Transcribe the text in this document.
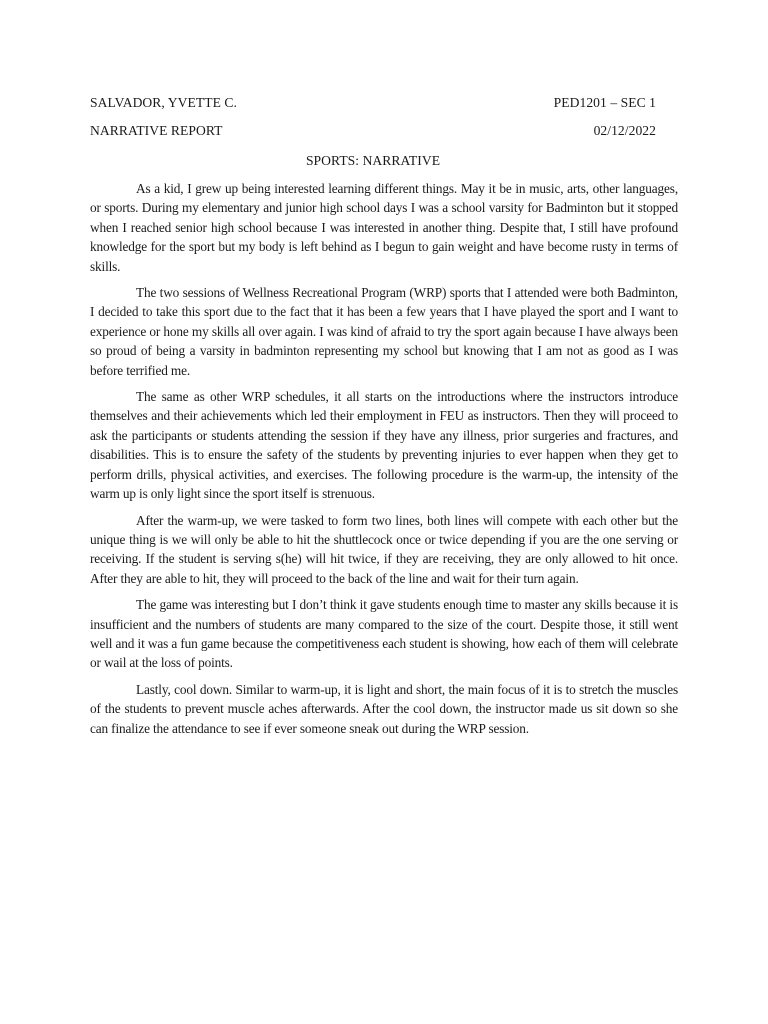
SALVADOR, YVETTE C.	PED1201 – SEC 1
NARRATIVE REPORT	02/12/2022
SPORTS: NARRATIVE

As a kid, I grew up being interested learning different things. May it be in music, arts, other languages, or sports. During my elementary and junior high school days I was a school varsity for Badminton but it stopped when I reached senior high school because I was interested in another thing. Despite that, I still have profound knowledge for the sport but my body is left behind as I begun to gain weight and have become rusty in terms of skills.

The two sessions of Wellness Recreational Program (WRP) sports that I attended were both Badminton, I decided to take this sport due to the fact that it has been a few years that I have played the sport and I want to experience or hone my skills all over again. I was kind of afraid to try the sport again because I have always been so proud of being a varsity in badminton representing my school but knowing that I am not as good as I was before terrified me.

The same as other WRP schedules, it all starts on the introductions where the instructors introduce themselves and their achievements which led their employment in FEU as instructors. Then they will proceed to ask the participants or students attending the session if they have any illness, prior surgeries and fractures, and disabilities. This is to ensure the safety of the students by preventing injuries to ever happen when they get to perform drills, physical activities, and exercises. The following procedure is the warm-up, the intensity of the warm up is only light since the sport itself is strenuous.

After the warm-up, we were tasked to form two lines, both lines will compete with each other but the unique thing is we will only be able to hit the shuttlecock once or twice depending if you are the one serving or receiving. If the student is serving s(he) will hit twice, if they are receiving, they are only allowed to hit once. After they are able to hit, they will proceed to the back of the line and wait for their turn again.

The game was interesting but I don’t think it gave students enough time to master any skills because it is insufficient and the numbers of students are many compared to the size of the court. Despite those, it still went well and it was a fun game because the competitiveness each student is showing, how each of them will celebrate or wail at the loss of points.

Lastly, cool down. Similar to warm-up, it is light and short, the main focus of it is to stretch the muscles of the students to prevent muscle aches afterwards. After the cool down, the instructor made us sit down so she can finalize the attendance to see if ever someone sneak out during the WRP session.
